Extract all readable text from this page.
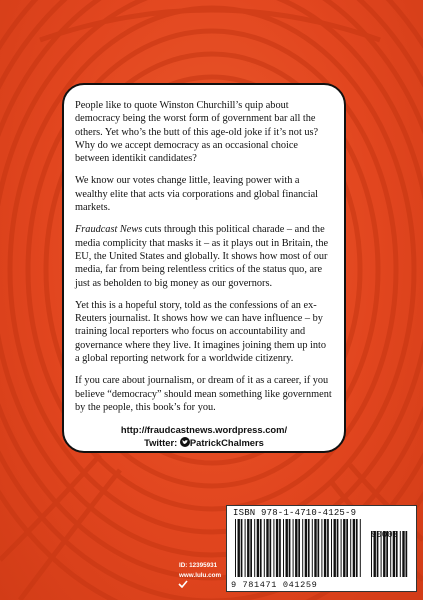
People like to quote Winston Churchill’s quip about democracy being the worst form of government bar all the others. Yet who’s the butt of this age-old joke if it’s not us? Why do we accept democracy as an occasional choice between identikit candidates?

We know our votes change little, leaving power with a wealthy elite that acts via corporations and global financial markets.

Fraudcast News cuts through this political charade – and the media complicity that masks it – as it plays out in Britain, the EU, the United States and globally. It shows how most of our media, far from being relentless critics of the status quo, are just as beholden to big money as our governors.

Yet this is a hopeful story, told as the confessions of an ex-Reuters journalist. It shows how we can have influence – by training local reporters who focus on accountability and governance where they live. It imagines joining them up into a global reporting network for a worldwide citizenry.

If you care about journalism, or dream of it as a career, if you believe “democracy” should mean something like government by the people, this book’s for you.

http://fraudcastnews.wordpress.com/
Twitter: PatrickChalmers
ID: 12395931
www.lulu.com
ISBN 978-1-4710-4125-9
90000
9 781471 041259
